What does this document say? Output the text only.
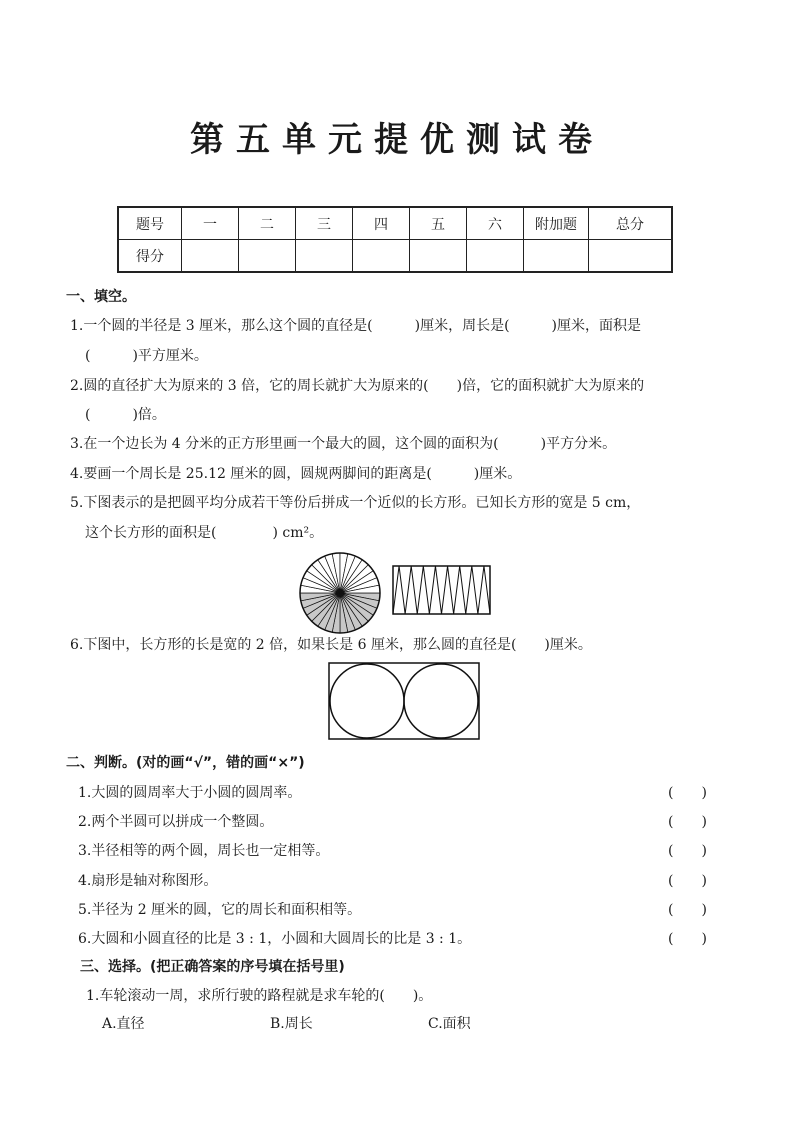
第五单元提优测试卷
题号	一	二	三	四	五	六	附加题	总分
得分								
一、填空。
1.一个圆的半径是 3 厘米，那么这个圆的直径是(　　　)厘米，周长是(　　　)厘米，面积是
(　　　)平方厘米。
2.圆的直径扩大为原来的 3 倍，它的周长就扩大为原来的(　　)倍，它的面积就扩大为原来的
(　　　)倍。
3.在一个边长为 4 分米的正方形里画一个最大的圆，这个圆的面积为(　　　)平方分米。
4.要画一个周长是 25.12 厘米的圆，圆规两脚间的距离是(　　　)厘米。
5.下图表示的是把圆平均分成若干等份后拼成一个近似的长方形。已知长方形的宽是 5 cm，
这个长方形的面积是(　　　　) cm²。
6.下图中，长方形的长是宽的 2 倍，如果长是 6 厘米，那么圆的直径是(　　)厘米。
二、判断。(对的画“√”，错的画“×”)
1.大圆的圆周率大于小圆的圆周率。	(　　)
2.两个半圆可以拼成一个整圆。	(　　)
3.半径相等的两个圆，周长也一定相等。	(　　)
4.扇形是轴对称图形。	(　　)
5.半径为 2 厘米的圆，它的周长和面积相等。	(　　)
6.大圆和小圆直径的比是 3 : 1，小圆和大圆周长的比是 3 : 1。	(　　)
三、选择。(把正确答案的序号填在括号里)
1.车轮滚动一周，求所行驶的路程就是求车轮的(　　)。
A.直径	B.周长	C.面积
